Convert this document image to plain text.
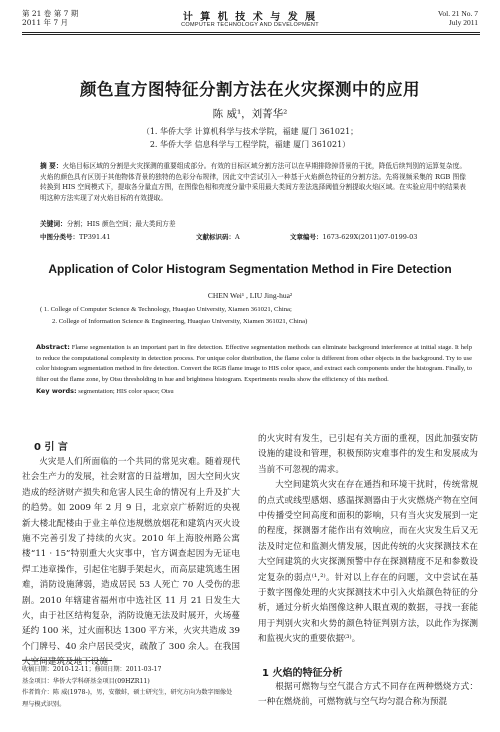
第 21 卷 第 7 期
2011 年 7 月	计 算 机 技 术 与 发 展
COMPUTER TECHNOLOGY AND DEVELOPMENT
Vol. 21 No. 7
July 2011
颜色直方图特征分割方法在火灾探测中的应用
陈 威¹，刘菁华²
（1. 华侨大学 计算机科学与技术学院，福建 厦门 361021；
2. 华侨大学 信息科学与工程学院，福建 厦门 361021）
摘 要：火焰目标区域的分割是火灾探测的重要组成部分。有效的目标区域分割方法可以在早期排除掉背景的干扰，降低后续判别的运算复杂度。火焰的颜色具有区别于其他物体背景的独特的色彩分布规律，因此文中尝试引入一种基于火焰颜色特征的分割方法。先将视频采集的 RGB 图像转换到 HIS 空间模式下，提取各分量直方图，在图像色相和亮度分量中采用最大类间方差法选择阈值分割提取火焰区域。在实验应用中的结果表明这种方法实现了对火焰目标的有效提取。
关键词：分割；HIS 颜色空间；最大类间方差
中图分类号：TP391.41	文献标识码：A	文章编号：1673-629X(2011)07-0199-03
Application of Color Histogram Segmentation Method in Fire Detection
CHEN Wei¹ , LIU Jing-hua²
( 1. College of Computer Science & Technology, Huaqiao University, Xiamen 361021, China;
2. College of Information Science & Engineering, Huaqiao University, Xiamen 361021, China)
Abstract: Flame segmentation is an important part in fire detection. Effective segmentation methods can eliminate background interference at initial stage. It help to reduce the computational complexity in detection process. For unique color distribution, the flame color is different from other objects in the background. Try to use color histogram segmentation method in fire detection. Convert the RGB flame image to HIS color space, and extract each components under the histogram. Finally, to filter out the flame zone, by Otsu thresholding in hue and brightness histogram. Experiments results show the efficiency of this method.
Key words: segmentation; HIS color space; Otsu
0 引 言

火灾是人们所面临的一个共同的常见灾难。随着现代社会生产力的发展，社会财富的日益增加，因大空间火灾造成的经济财产损失和危害人民生命的情况有上升及扩大的趋势。如 2009 年 2 月 9 日，北京京广桥附近的央视新大楼北配楼由于业主单位违规燃放烟花和建筑内灭火设施不完善引发了持续的火灾。2010 年上海胶州路公寓楼“11 · 15”特别重大火灾事中，官方调查起因为无证电焊工违章操作，引起住宅脚手架起火，而高层建筑逃生困难，消防设施薄弱，造成居民 53 人死亡 70 人受伤的悲剧。2010 年辖建省福州市中选社区 11 月 21 日发生大火，由于社区结构复杂，消防设施无法及时展开，火场蔓延约 100 米，过火面积达 1300 平方米，火灾共造成 39 个门牌号、40 余户居民受灾，疏散了 300 余人。在我国大空间建筑及地下设施

收稿日期：2010-12-11；修回日期：2011-03-17
基金项目：华侨大学科研基金项目(09HZR11)
作者简介：陈 威(1978-)，男，安徽蚌，硕士研究生，研究方向为数字图像处理与模式识别。

的火灾时有发生，已引起有关方面的重视，因此加强安防设施的建设和管理，积极预防灾难事件的发生和发展成为当前不可忽视的需求。

大空间建筑火灾在存在通挡和环境干扰时，传统常规的点式或线型感烟、感温探测器由于火灾燃烧产物在空间中传播受空间高度和面积的影响，只有当火灾发展到一定的程度，探测器才能作出有效响应，而在火灾发生后又无法及时定位和监测火情发展，因此传统的火灾探测技术在大空间建筑的火灾探测预警中存在探测精度不足和参数设定复杂的弱点⁽¹,²⁾。针对以上存在的问题，文中尝试在基于数字图像处理的火灾探测技术中引入火焰颜色特征的分析，通过分析火焰图像这种人眼直观的数据，寻找一套能用于判别火灾和火势的颜色特征判别方法，以此作为探测和监视火灾的重要依据⁽³⁾。

1 火焰的特征分析
根据可燃物与空气混合方式不同存在两种燃烧方式：一种在燃烧前，可燃物就与空气均匀混合称为预混
